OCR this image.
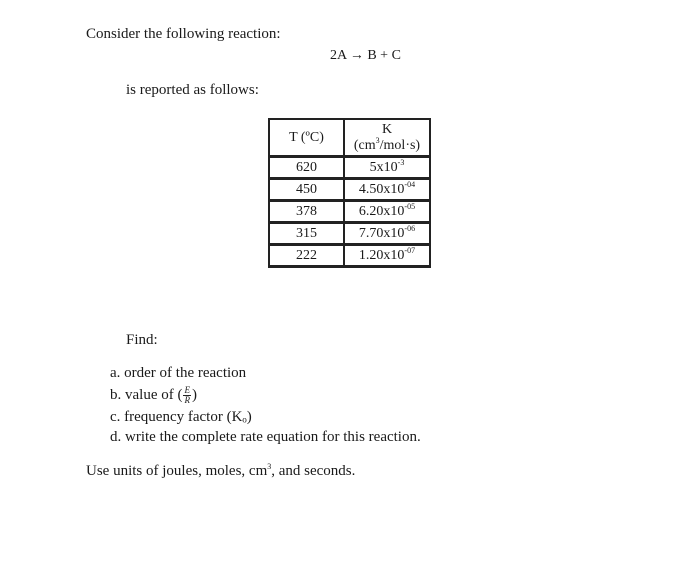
Consider the following reaction:
2A → B + C
is reported as follows:
T (ºC)	K
$(cm^3/mol\cdot s)$
620	$5x10^{-3}$
450	$4.50x10^{-04}$
378	$6.20x10^{-05}$
315	$7.70x10^{-06}$
222	$1.20x10^{-07}$
Find:
a. order of the reaction
b. value of ( $\frac{E}{R}$ )
c. frequency factor (Kₒ)
d. write the complete rate equation for this reaction.
Use units of joules, moles, $cm^3$, and seconds.
